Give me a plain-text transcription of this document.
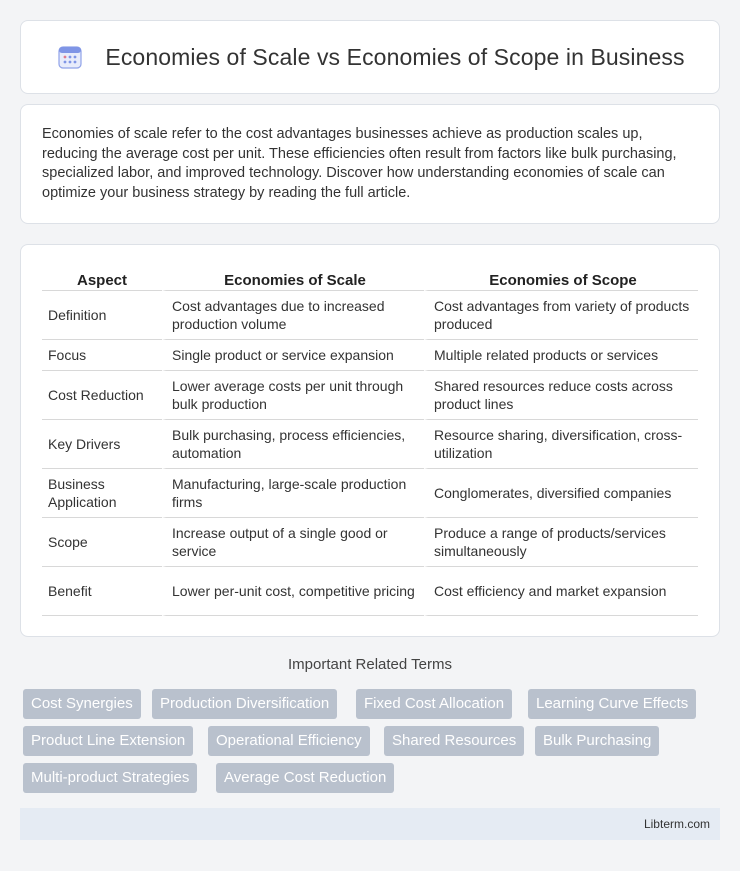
Economies of Scale vs Economies of Scope in Business

Economies of scale refer to the cost advantages businesses achieve as production scales up, reducing the average cost per unit. These efficiencies often result from factors like bulk purchasing, specialized labor, and improved technology. Discover how understanding economies of scale can optimize your business strategy by reading the full article.

Aspect	Economies of Scale	Economies of Scope
Definition	Cost advantages due to increased production volume	Cost advantages from variety of products produced
Focus	Single product or service expansion	Multiple related products or services
Cost Reduction	Lower average costs per unit through bulk production	Shared resources reduce costs across product lines
Key Drivers	Bulk purchasing, process efficiencies, automation	Resource sharing, diversification, cross-utilization
Business Application	Manufacturing, large-scale production firms	Conglomerates, diversified companies
Scope	Increase output of a single good or service	Produce a range of products/services simultaneously
Benefit	Lower per-unit cost, competitive pricing	Cost efficiency and market expansion
Important Related Terms
Cost Synergies	Production Diversification	Fixed Cost Allocation	Learning Curve Effects
Product Line Extension	Operational Efficiency	Shared Resources	Bulk Purchasing
Multi-product Strategies	Average Cost Reduction
Libterm.com
